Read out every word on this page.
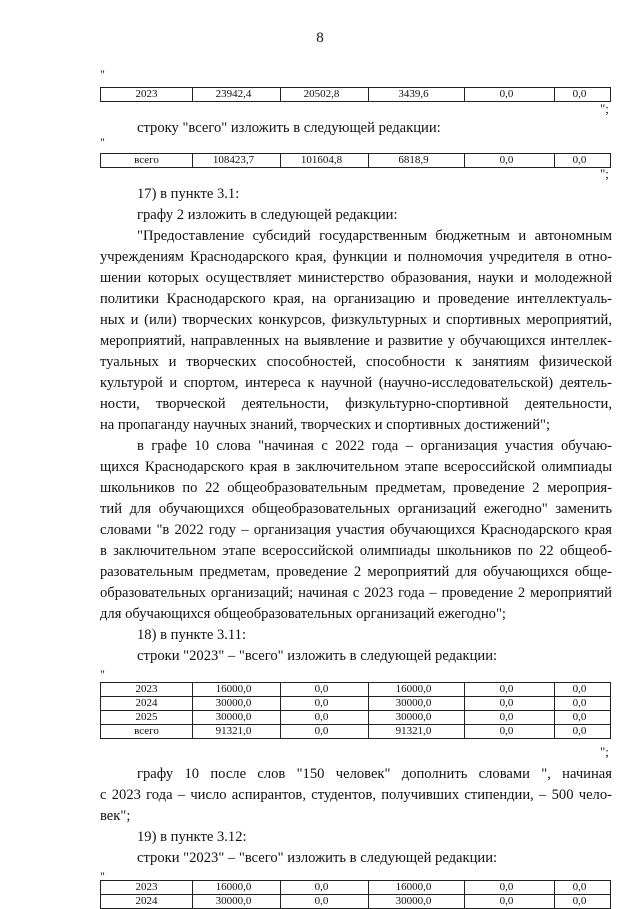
8
"
2023	23942,4	20502,8	3439,6	0,0	0,0
";
строку "всего" изложить в следующей редакции:
"
всего	108423,7	101604,8	6818,9	0,0	0,0
";
17) в пункте 3.1:
графу 2 изложить в следующей редакции:
"Предоставление субсидий государственным бюджетным и автономным
учреждениям Краснодарского края, функции и полномочия учредителя в отно-
шении которых осуществляет министерство образования, науки и молодежной
политики Краснодарского края, на организацию и проведение интеллектуаль-
ных и (или) творческих конкурсов, физкультурных и спортивных мероприятий,
мероприятий, направленных на выявление и развитие у обучающихся интеллек-
туальных и творческих способностей, способности к занятиям физической
культурой и спортом, интереса к научной (научно-исследовательской) деятель-
ности, творческой деятельности, физкультурно-спортивной деятельности,
на пропаганду научных знаний, творческих и спортивных достижений";
в графе 10 слова "начиная с 2022 года – организация участия обучаю-
щихся Краснодарского края в заключительном этапе всероссийской олимпиады
школьников по 22 общеобразовательным предметам, проведение 2 мероприя-
тий для обучающихся общеобразовательных организаций ежегодно" заменить
словами "в 2022 году – организация участия обучающихся Краснодарского края
в заключительном этапе всероссийской олимпиады школьников по 22 общеоб-
разовательным предметам, проведение 2 мероприятий для обучающихся обще-
образовательных организаций; начиная с 2023 года – проведение 2 мероприятий
для обучающихся общеобразовательных организаций ежегодно";
18) в пункте 3.11:
строки "2023" – "всего" изложить в следующей редакции:
"
2023	16000,0	0,0	16000,0	0,0	0,0
2024	30000,0	0,0	30000,0	0,0	0,0
2025	30000,0	0,0	30000,0	0,0	0,0
всего	91321,0	0,0	91321,0	0,0	0,0
";
графу 10 после слов "150 человек" дополнить словами ", начиная
с 2023 года – число аспирантов, студентов, получивших стипендии, – 500 чело-
век";
19) в пункте 3.12:
строки "2023" – "всего" изложить в следующей редакции:
"
2023	16000,0	0,0	16000,0	0,0	0,0
2024	30000,0	0,0	30000,0	0,0	0,0
